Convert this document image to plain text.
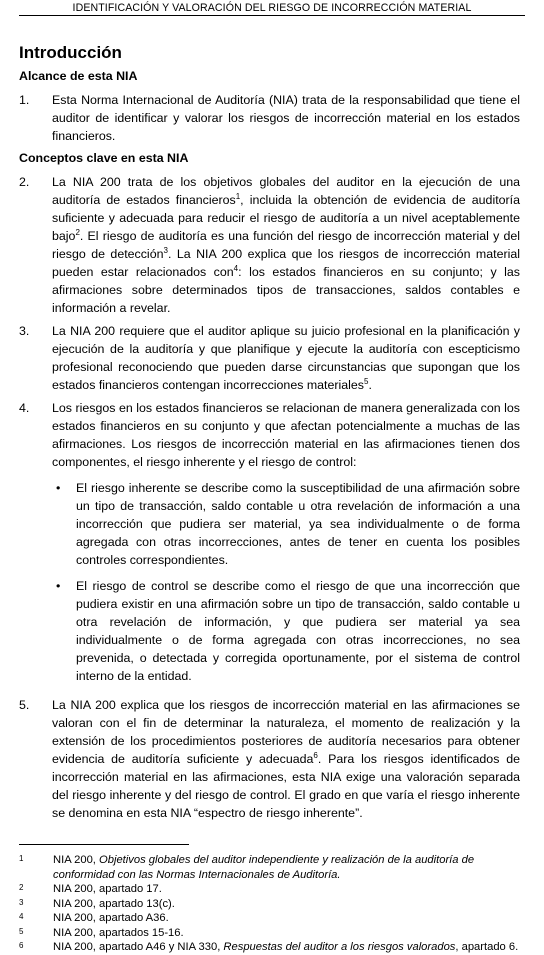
IDENTIFICACIÓN Y VALORACIÓN DEL RIESGO DE INCORRECCIÓN MATERIAL
Introducción
Alcance de esta NIA
1.	Esta Norma Internacional de Auditoría (NIA) trata de la responsabilidad que tiene el auditor de identificar y valorar los riesgos de incorrección material en los estados financieros.
Conceptos clave en esta NIA
2.	La NIA 200 trata de los objetivos globales del auditor en la ejecución de una auditoría de estados financieros$^1$, incluida la obtención de evidencia de auditoría suficiente y adecuada para reducir el riesgo de auditoría a un nivel aceptablemente bajo$^2$. El riesgo de auditoría es una función del riesgo de incorrección material y del riesgo de detección$^3$. La NIA 200 explica que los riesgos de incorrección material pueden estar relacionados con$^4$: los estados financieros en su conjunto; y las afirmaciones sobre determinados tipos de transacciones, saldos contables e información a revelar.
3.	La NIA 200 requiere que el auditor aplique su juicio profesional en la planificación y ejecución de la auditoría y que planifique y ejecute la auditoría con escepticismo profesional reconociendo que pueden darse circunstancias que supongan que los estados financieros contengan incorrecciones materiales$^5$.
4.	Los riesgos en los estados financieros se relacionan de manera generalizada con los estados financieros en su conjunto y que afectan potencialmente a muchas de las afirmaciones. Los riesgos de incorrección material en las afirmaciones tienen dos componentes, el riesgo inherente y el riesgo de control:
•	El riesgo inherente se describe como la susceptibilidad de una afirmación sobre un tipo de transacción, saldo contable u otra revelación de información a una incorrección que pudiera ser material, ya sea individualmente o de forma agregada con otras incorrecciones, antes de tener en cuenta los posibles controles correspondientes.
•	El riesgo de control se describe como el riesgo de que una incorrección que pudiera existir en una afirmación sobre un tipo de transacción, saldo contable u otra revelación de información, y que pudiera ser material ya sea individualmente o de forma agregada con otras incorrecciones, no sea prevenida, o detectada y corregida oportunamente, por el sistema de control interno de la entidad.
5.	La NIA 200 explica que los riesgos de incorrección material en las afirmaciones se valoran con el fin de determinar la naturaleza, el momento de realización y la extensión de los procedimientos posteriores de auditoría necesarios para obtener evidencia de auditoría suficiente y adecuada$^6$. Para los riesgos identificados de incorrección material en las afirmaciones, esta NIA exige una valoración separada del riesgo inherente y del riesgo de control. El grado en que varía el riesgo inherente se denomina en esta NIA “espectro de riesgo inherente”.
1	NIA 200, Objetivos globales del auditor independiente y realización de la auditoría de conformidad con las Normas Internacionales de Auditoría.
2	NIA 200, apartado 17.
3	NIA 200, apartado 13(c).
4	NIA 200, apartado A36.
5	NIA 200, apartados 15-16.
6	NIA 200, apartado A46 y NIA 330, Respuestas del auditor a los riesgos valorados, apartado 6.
